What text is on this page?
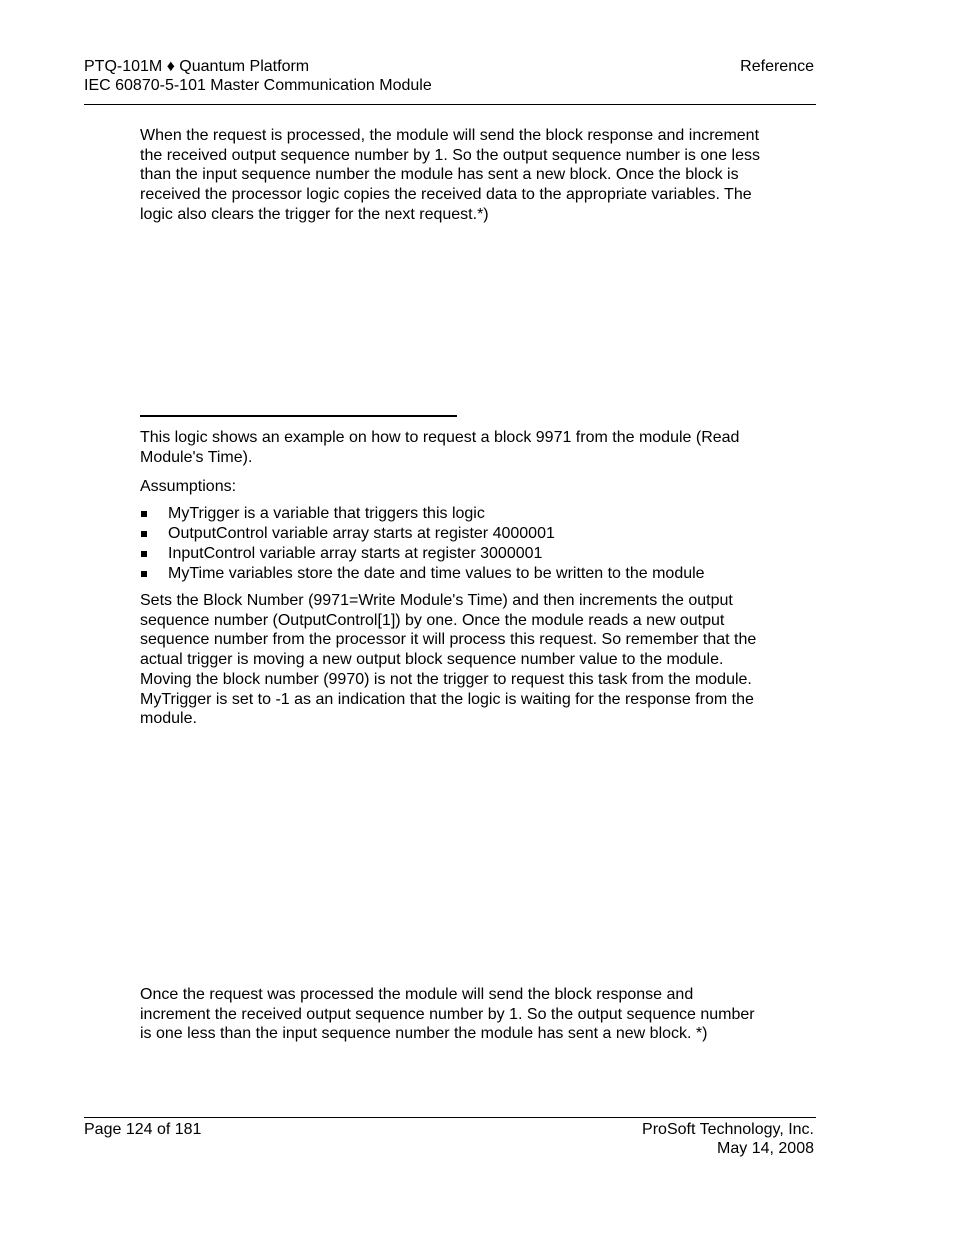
PTQ-101M ♦ Quantum Platform
IEC 60870-5-101 Master Communication Module
Reference

When the request is processed, the module will send the block response and increment the received output sequence number by 1. So the output sequence number is one less than the input sequence number the module has sent a new block. Once the block is received the processor logic copies the received data to the appropriate variables. The logic also clears the trigger for the next request.*)

This logic shows an example on how to request a block 9971 from the module (Read Module's Time).

Assumptions:
MyTrigger is a variable that triggers this logic
OutputControl variable array starts at register 4000001
InputControl variable array starts at register 3000001
MyTime variables store the date and time values to be written to the module

Sets the Block Number (9971=Write Module's Time) and then increments the output sequence number (OutputControl[1]) by one. Once the module reads a new output sequence number from the processor it will process this request. So remember that the actual trigger is moving a new output block sequence number value to the module. Moving the block number (9970) is not the trigger to request this task from the module. MyTrigger is set to -1 as an indication that the logic is waiting for the response from the module.

Once the request was processed the module will send the block response and increment the received output sequence number by 1. So the output sequence number is one less than the input sequence number the module has sent a new block. *)

Page 124 of 181	ProSoft Technology, Inc.
May 14, 2008
